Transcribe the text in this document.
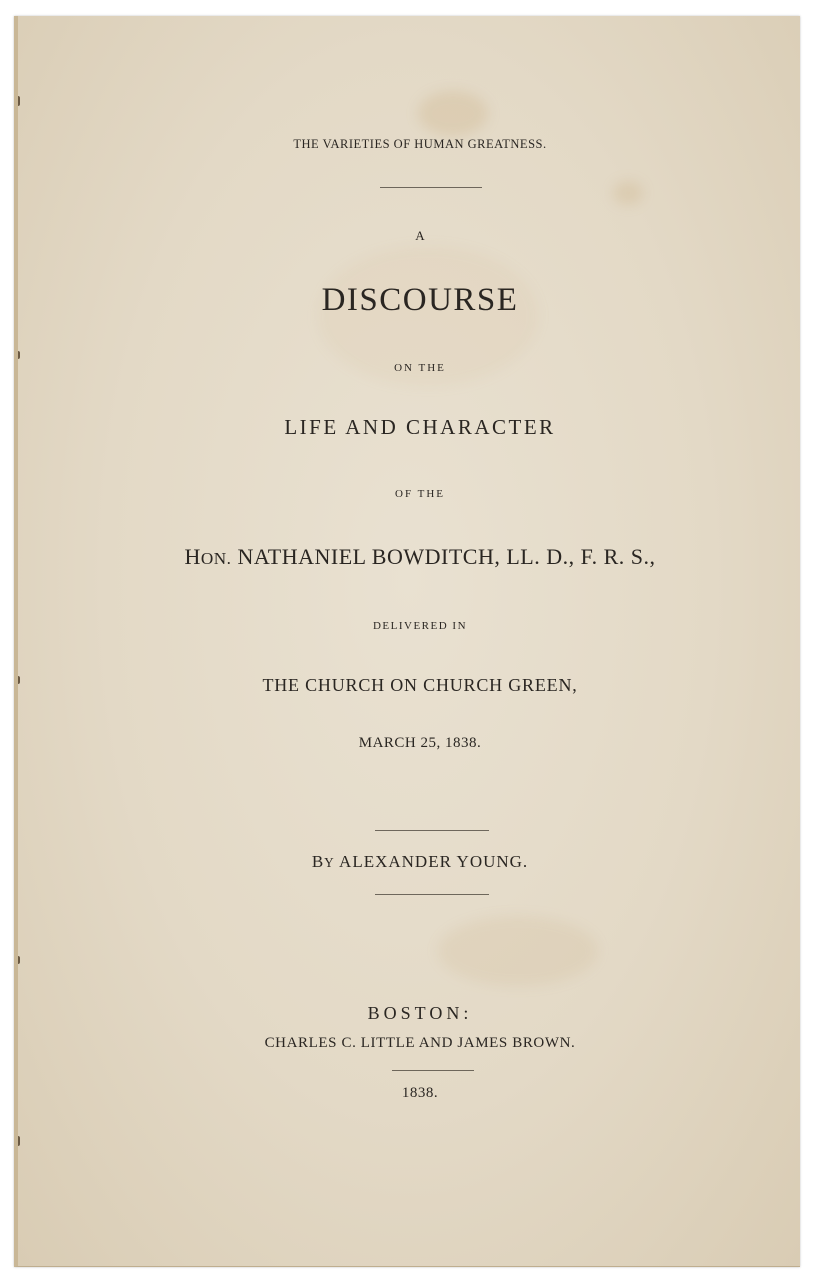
THE VARIETIES OF HUMAN GREATNESS.
A
DISCOURSE
ON THE
LIFE AND CHARACTER
OF THE
HON. NATHANIEL BOWDITCH, LL. D., F. R. S.,
DELIVERED IN
THE CHURCH ON CHURCH GREEN,
MARCH 25, 1838.
BY ALEXANDER YOUNG.
BOSTON:
CHARLES C. LITTLE AND JAMES BROWN.
1838.
